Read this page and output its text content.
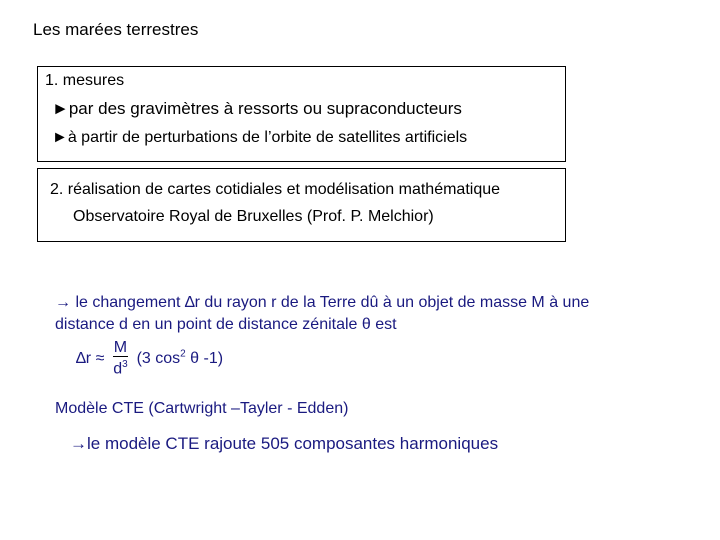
Les marées terrestres
1. mesures
►par des gravimètres à ressorts ou supraconducteurs
►à partir de perturbations de l’orbite de satellites artificiels
2. réalisation de cartes cotidiales et modélisation mathématique
Observatoire Royal de Bruxelles (Prof. P. Melchior)
→ le changement ∆r du rayon r de la Terre dû à un objet de masse M à une
distance d en un point de distance zénitale θ est
$\Delta r \approx \frac{M}{d^3} (3$ $\cos^2 \theta$ -1)
Modèle CTE (Cartwright –Tayler - Edden)
→le modèle CTE rajoute 505 composantes harmoniques
